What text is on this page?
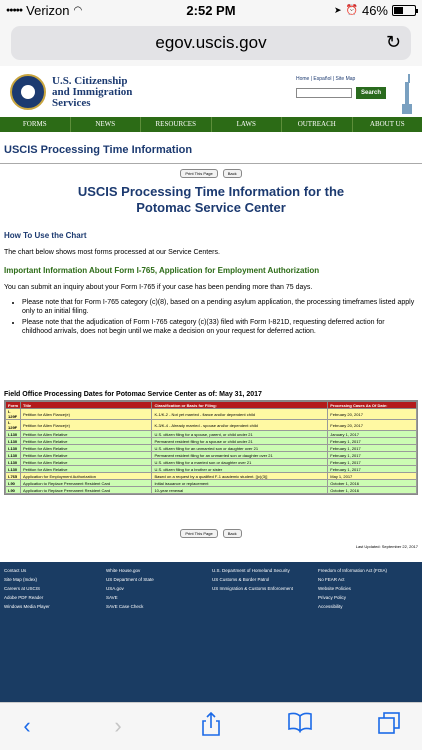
●●●●● Verizon ◠	2:52 PM	➤ ⏰ 46%
egov.uscis.gov	↻
U.S. Citizenship
and Immigration
Services
Home | Español | Site Map
Search
FORMS	NEWS	RESOURCES	LAWS	OUTREACH	ABOUT US
USCIS Processing Time Information
Print This Page	Back
USCIS Processing Time Information for the
Potomac Service Center
How To Use the Chart
The chart below shows most forms processed at our Service Centers.
Important Information About Form I-765, Application for Employment Authorization
You can submit an inquiry about your Form I-765 if your case has been pending more than 75 days.
• Please note that for Form I-765 category (c)(8), based on a pending asylum application, the processing timeframes listed apply only to an initial filing.
• Please note that the adjudication of Form I-765 category (c)(33) filed with Form I-821D, requesting deferred action for childhood arrivals, does not begin until we make a decision on your request for deferred action.
Field Office Processing Dates for Potomac Service Center as of: May 31, 2017
Form	Title	Classification or Basis for Filing:	Processing Cases As Of Date:
I-129F	Petition for Alien Fiance(e)	K-1/K-2 - Not yet married - fiance and/or dependent child	February 20, 2017
I-129F	Petition for Alien Fiance(e)	K-3/K-4 - Already married - spouse and/or dependent child	February 20, 2017
I-130	Petition for Alien Relative	U.S. citizen filing for a spouse, parent, or child under 21	January 1, 2017
I-130	Petition for Alien Relative	Permanent resident filing for a spouse or child under 21	February 1, 2017
I-130	Petition for Alien Relative	U.S. citizen filing for an unmarried son or daughter over 21	February 1, 2017
I-130	Petition for Alien Relative	Permanent resident filing for an unmarried son or daughter over 21	February 1, 2017
I-130	Petition for Alien Relative	U.S. citizen filing for a married son or daughter over 21	February 1, 2017
I-130	Petition for Alien Relative	U.S. citizen filing for a brother or sister	February 1, 2017
I-765	Application for Employment Authorization	Based on a request by a qualified F-1 academic student. [(c)(3)]	May 1, 2017
I-90	Application to Replace Permanent Resident Card	Initial issuance or replacement	October 1, 2016
I-90	Application to Replace Permanent Resident Card	10-year renewal	October 1, 2016
Print This Page	Back
Last Updated: September 22, 2017
Contact Us
Site Map (Index)
Careers at USCIS
Adobe PDF Reader
Windows Media Player
White House.gov
US Department of State
USA.gov
SAVE
SAVE Case Check
U.S. Department of Homeland Security
US Customs & Border Patrol
US Immigration & Customs Enforcement
Freedom of Information Act (FOIA)
No FEAR Act
Website Policies
Privacy Policy
Accessibility
‹	›
